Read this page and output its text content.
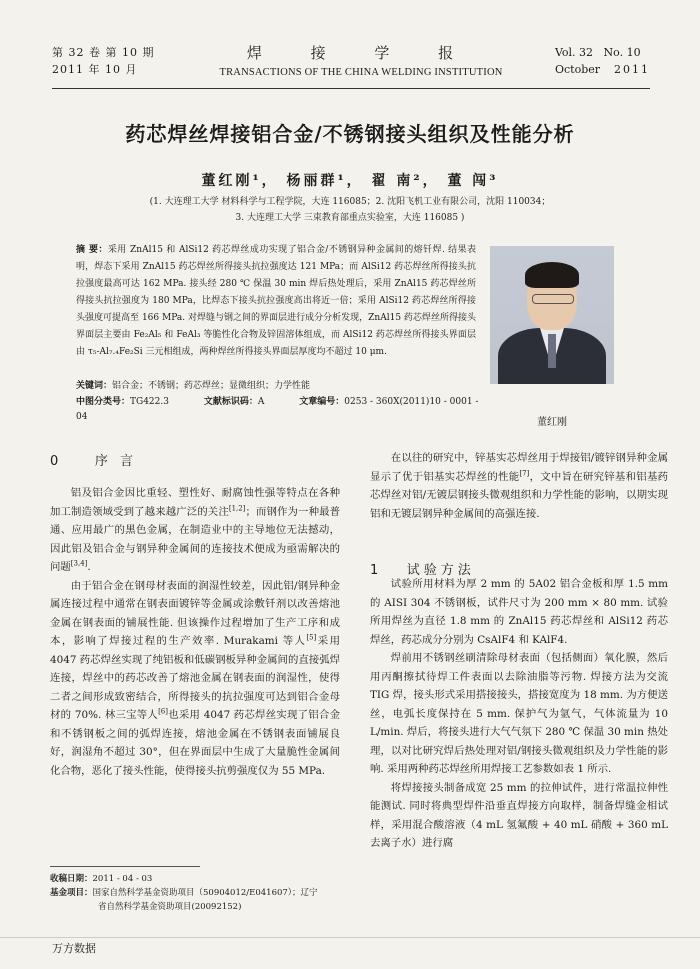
第 32 卷 第 10 期
2011 年 10 月
焊 接 学 报
TRANSACTIONS OF THE CHINA WELDING INSTITUTION
Vol. 32 No. 10
October 2011
药芯焊丝焊接铝合金/不锈钢接头组织及性能分析
董红刚¹， 杨丽群¹， 翟 南²， 董 闯³
(1. 大连理工大学 材料科学与工程学院，大连 116085；2. 沈阳飞机工业有限公司，沈阳 110034；
3. 大连理工大学 三束教育部重点实验室，大连 116085 )
摘 要：采用 ZnAl15 和 AlSi12 药芯焊丝成功实现了铝合金/不锈钢异种金属间的熔钎焊. 结果表明，焊态下采用 ZnAl15 药芯焊丝所得接头抗拉强度达 121 MPa；而 AlSi12 药芯焊丝所得接头抗拉强度最高可达 162 MPa. 接头经 280 ℃ 保温 30 min 焊后热处理后，采用 ZnAl15 药芯焊丝所得接头抗拉强度为 180 MPa，比焊态下接头抗拉强度高出将近一倍；采用 AlSi12 药芯焊丝所得接头强度可提高至 166 MPa. 对焊缝与钢之间的界面层进行成分分析发现，ZnAl15 药芯焊丝所得接头界面层主要由 Fe₂Al₅ 和 FeAl₃ 等脆性化合物及锌固溶体组成，而 AlSi12 药芯焊丝所得接头界面层由 τ₅-Al₇.₄Fe₂Si 三元相组成，两种焊丝所得接头界面层厚度均不超过 10 μm.
关键词：铝合金；不锈钢；药芯焊丝；显微组织；力学性能
中图分类号：TG422.3	文献标识码：A	文章编号：0253 - 360X(2011)10 - 0001 - 04	董红刚
0	序 言

铝及铝合金因比重轻、塑性好、耐腐蚀性强等特点在各种加工制造领域受到了越来越广泛的关注[1,2]；而钢作为一种最普通、应用最广的黑色金属，在制造业中的主导地位无法撼动，因此铝及铝合金与钢异种金属间的连接技术便成为亟需解决的问题[3,4].

由于铝合金在钢母材表面的润湿性较差，因此铝/钢异种金属连接过程中通常在钢表面镀锌等金属或涂敷钎剂以改善熔池金属在钢表面的铺展性能. 但该操作过程增加了生产工序和成本，影响了焊接过程的生产效率. Murakami 等人[5]采用 4047 药芯焊丝实现了纯铝板和低碳钢板异种金属间的直接弧焊连接，焊丝中的药芯改善了熔池金属在钢表面的润湿性，使得二者之间形成致密结合，所得接头的抗拉强度可达到铝合金母材的 70%. 林三宝等人[6]也采用 4047 药芯焊丝实现了铝合金和不锈钢板之间的弧焊连接，熔池金属在不锈钢表面铺展良好，润湿角不超过 30°，但在界面层中生成了大量脆性金属间化合物，恶化了接头性能，使得接头抗剪强度仅为 55 MPa.

在以往的研究中，锌基实芯焊丝用于焊接铝/镀锌钢异种金属显示了优于铝基实芯焊丝的性能[7]，文中旨在研究锌基和铝基药芯焊丝对铝/无镀层钢接头微观组织和力学性能的影响，以期实现铝和无镀层钢异种金属间的高强连接.

试验所用材料为厚 2 mm 的 5A02 铝合金板和厚 1.5 mm 的 AISI 304 不锈钢板，试件尺寸为 200 mm × 80 mm. 试验所用焊丝为直径 1.8 mm 的 ZnAl15 药芯焊丝和 AlSi12 药芯焊丝，药芯成分分别为 CsAlF4 和 KAlF4.

焊前用不锈钢丝刷清除母材表面（包括侧面）氧化膜，然后用丙酮擦拭待焊工件表面以去除油脂等污物. 焊接方法为交流 TIG 焊，接头形式采用搭接接头，搭接宽度为 18 mm. 为方便送丝，电弧长度保持在 5 mm. 保护气为氩气，气体流量为 10 L/min. 焊后，将接头进行大气气氛下 280 ℃ 保温 30 min 热处理，以对比研究焊后热处理对铝/钢接头微观组织及力学性能的影响. 采用两种药芯焊丝所用焊接工艺参数如表 1 所示.

将焊接接头制备成宽 25 mm 的拉伸试件，进行常温拉伸性能测试. 同时将典型焊件沿垂直焊接方向取样，制备焊缝金相试样，采用混合酸溶液（4 mL 氢氟酸 + 40 mL 硝酸 + 360 mL 去离子水）进行腐

1 试验方法
收稿日期：2011 - 04 - 03
基金项目：国家自然科学基金资助项目（50904012/E041607）；辽宁
省自然科学基金资助项目(20092152)
万方数据
